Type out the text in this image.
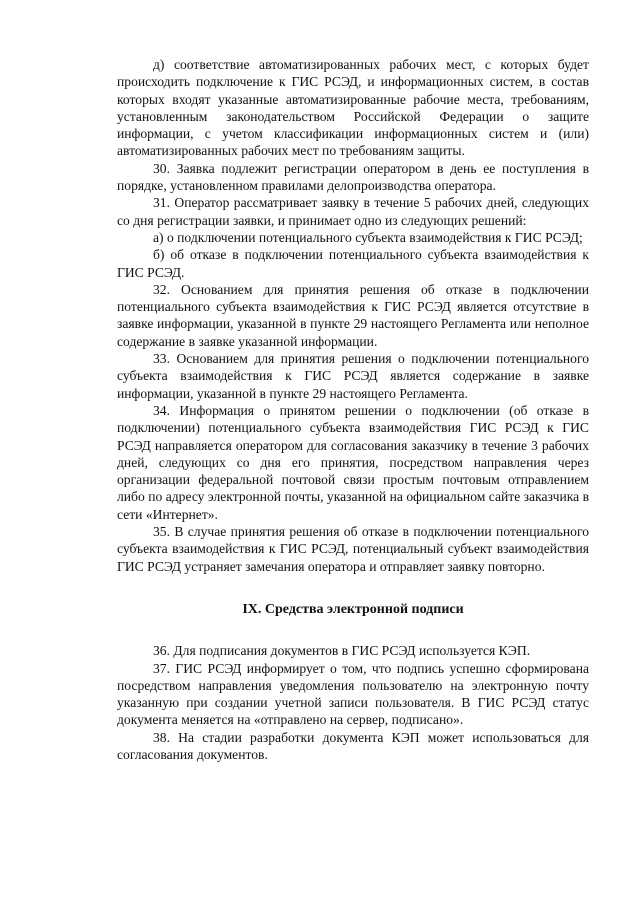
д) соответствие автоматизированных рабочих мест, с которых будет происходить подключение к ГИС РСЭД, и информационных систем, в состав которых входят указанные автоматизированные рабочие места, требованиям, установленным законодательством Российской Федерации о защите информации, с учетом классификации информационных систем и (или) автоматизированных рабочих мест по требованиям защиты.

30. Заявка подлежит регистрации оператором в день ее поступления в порядке, установленном правилами делопроизводства оператора.

31. Оператор рассматривает заявку в течение 5 рабочих дней, следующих со дня регистрации заявки, и принимает одно из следующих решений:

а) о подключении потенциального субъекта взаимодействия к ГИС РСЭД;

б) об отказе в подключении потенциального субъекта взаимодействия к ГИС РСЭД.

32. Основанием для принятия решения об отказе в подключении потенциального субъекта взаимодействия к ГИС РСЭД является отсутствие в заявке информации, указанной в пункте 29 настоящего Регламента или неполное содержание в заявке указанной информации.

33. Основанием для принятия решения о подключении потенциального субъекта взаимодействия к ГИС РСЭД является содержание в заявке информации, указанной в пункте 29 настоящего Регламента.

34. Информация о принятом решении о подключении (об отказе в подключении) потенциального субъекта взаимодействия ГИС РСЭД к ГИС РСЭД направляется оператором для согласования заказчику в течение 3 рабочих дней, следующих со дня его принятия, посредством направления через организации федеральной почтовой связи простым почтовым отправлением либо по адресу электронной почты, указанной на официальном сайте заказчика в сети «Интернет».

35. В случае принятия решения об отказе в подключении потенциального субъекта взаимодействия к ГИС РСЭД, потенциальный субъект взаимодействия ГИС РСЭД устраняет замечания оператора и отправляет заявку повторно.

IX. Средства электронной подписи

36. Для подписания документов в ГИС РСЭД используется КЭП.

37. ГИС РСЭД информирует о том, что подпись успешно сформирована посредством направления уведомления пользователю на электронную почту указанную при создании учетной записи пользователя. В ГИС РСЭД статус документа меняется на «отправлено на сервер, подписано».

38. На стадии разработки документа КЭП может использоваться для согласования документов.
